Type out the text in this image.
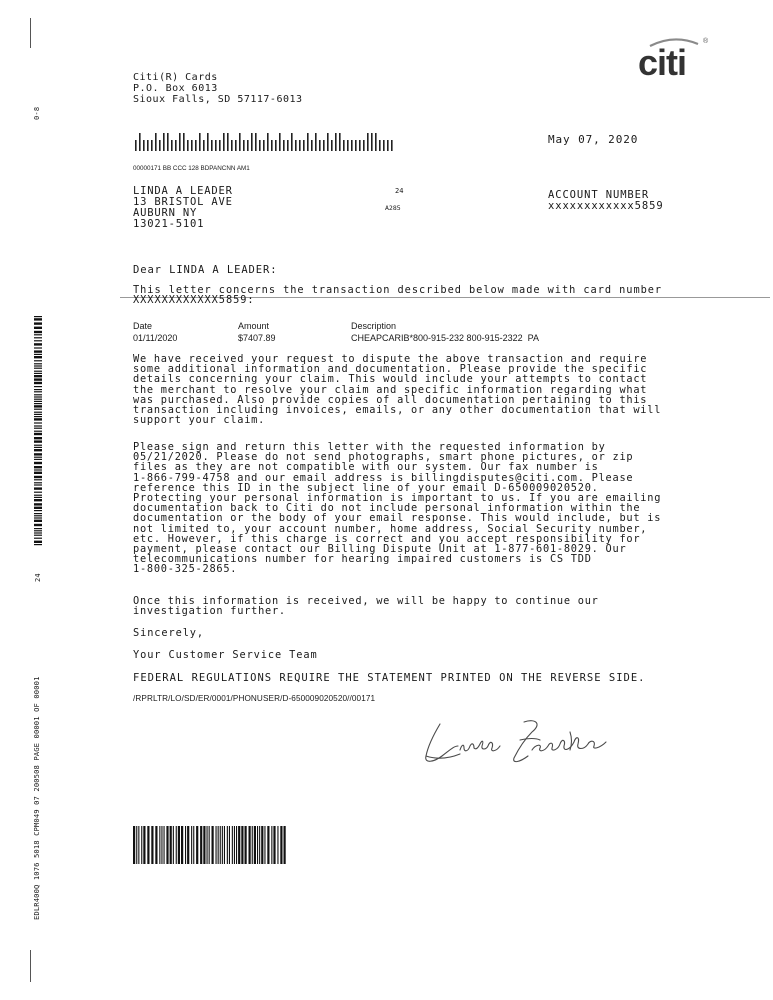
0-8
24
EDLR400Q 1076 5018 CPM049 07 200508 PAGE 00001 OF 00001
citi
®
Citi(R) Cards
P.O. Box 6013
Sioux Falls, SD 57117-6013
May 07, 2020
00000171 BB CCC 128 BDPANCNN AM1
LINDA A LEADER
13 BRISTOL AVE
AUBURN NY
13021-5101
24
A285
ACCOUNT NUMBER
xxxxxxxxxxxx5859
Dear LINDA A LEADER:
This letter concerns the transaction described below made with card number
XXXXXXXXXXXX5859:
Date	Amount	Description
01/11/2020	$7407.89	CHEAPCARIB*800-915-232 800-915-2322  PA

We have received your request to dispute the above transaction and require

some additional information and documentation. Please provide the specific

details concerning your claim. This would include your attempts to contact

the merchant to resolve your claim and specific information regarding what

was purchased. Also provide copies of all documentation pertaining to this

transaction including invoices, emails, or any other documentation that will

support your claim.

Please sign and return this letter with the requested information by

05/21/2020. Please do not send photographs, smart phone pictures, or zip

files as they are not compatible with our system. Our fax number is

1-866-799-4758 and our email address is billingdisputes@citi.com. Please

reference this ID in the subject line of your email D-650009020520.

Protecting your personal information is important to us. If you are emailing

documentation back to Citi do not include personal information within the

documentation or the body of your email response. This would include, but is

not limited to, your account number, home address, Social Security number,

etc. However, if this charge is correct and you accept responsibility for

payment, please contact our Billing Dispute Unit at 1-877-601-8029. Our

telecommunications number for hearing impaired customers is CS TDD

1-800-325-2865.

Once this information is received, we will be happy to continue our

investigation further.

Sincerely,
Your Customer Service Team
FEDERAL REGULATIONS REQUIRE THE STATEMENT PRINTED ON THE REVERSE SIDE.
/RPRLTR/LO/SD/ER/0001/PHONUSER/D-650009020520//00171
